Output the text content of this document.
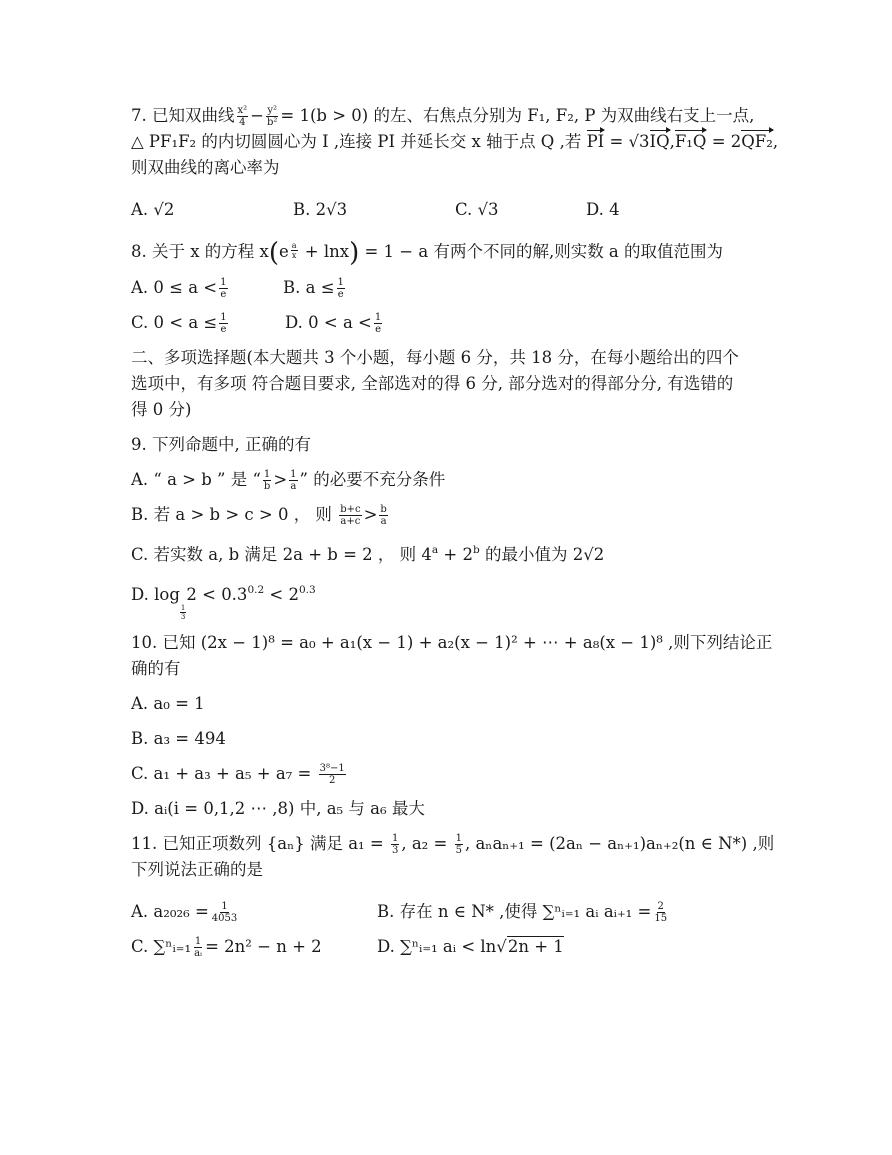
7. 已知双曲线 $\frac{\text{x²}}{4} - \frac{\text{y²}}{\text{b²}} = 1(b > 0)$ 的左、右焦点分别为 F₁, F₂, P 为双曲线右支上一点,
△ PF₁F₂ 的内切圆圆心为 I ,连接 PI 并延长交 x 轴于点 Q ,若 PI = √3IQ,F₁Q = 2QF₂,
则双曲线的离心率为
A. √2	B. 2√3	C. √3	D. 4
8. 关于 x 的方程 $x(e \frac{a}{x} + \ln x) = 1 - a$ 有两个不同的解,则实数 a 的取值范围为
A. $0 \le a < \frac{1}{e}$	B. $a \le \frac{1}{e}$
C. $0 < a \le \frac{1}{e}$	D. $0 < a < \frac{1}{e}$
二、多项选择题(本大题共 3 个小题，每小题 6 分，共 18 分，在每小题给出的四个
选项中，有多项 符合题目要求, 全部选对的得 6 分, 部分选对的得部分分, 有选错的
得 0 分)
9. 下列命题中, 正确的有
A. “ a > b ” 是 “ $\frac{1}{b} > \frac{1}{a}$ ” 的必要不充分条件
B. 若 a > b > c > 0 ， 则 $\frac{b+c}{a+c} > \frac{b}{a}$
C. 若实数 a, b 满足 2a + b = 2 ， 则 $4^a + 2^b$ 的最小值为 2√2
D. log
$\frac{1}{3}$
$2 < 0.3^{0.2} < 2^{0.3}$
10. 已知 (2x − 1)⁸ = a₀ + a₁(x − 1) + a₂(x − 1)² + ⋯ + a₈(x − 1)⁸ ,则下列结论正
确的有
A. a₀ = 1
B. a₃ = 494
C. $a_1 + a_3 + a_5 + a_7 = \frac{\text{3⁸−1}}{2}$
D. aᵢ(i = 0,1,2 ⋯ ,8) 中, a₅ 与 a₆ 最大
11. 已知正项数列 {aₙ} 满足 $a_1 = \frac{1}{3}$ , $a_2 = \frac{1}{5}$ , aₙaₙ₊₁ = (2aₙ − aₙ₊₁)aₙ₊₂(n ∈ N*) ,则
下列说法正确的是
A. $a_{2026} = \frac{1}{4053}$	B. 存在 n ∈ N* ,使得 ∑ⁿᵢ₌₁ aᵢ aᵢ₊₁ = $\frac{2}{15}$
C. ∑ⁿᵢ₌₁ $\frac{1}{\text{aᵢ}} = 2n^2 - n + 2$	D. ∑ⁿᵢ₌₁ aᵢ < ln√2n + 1
